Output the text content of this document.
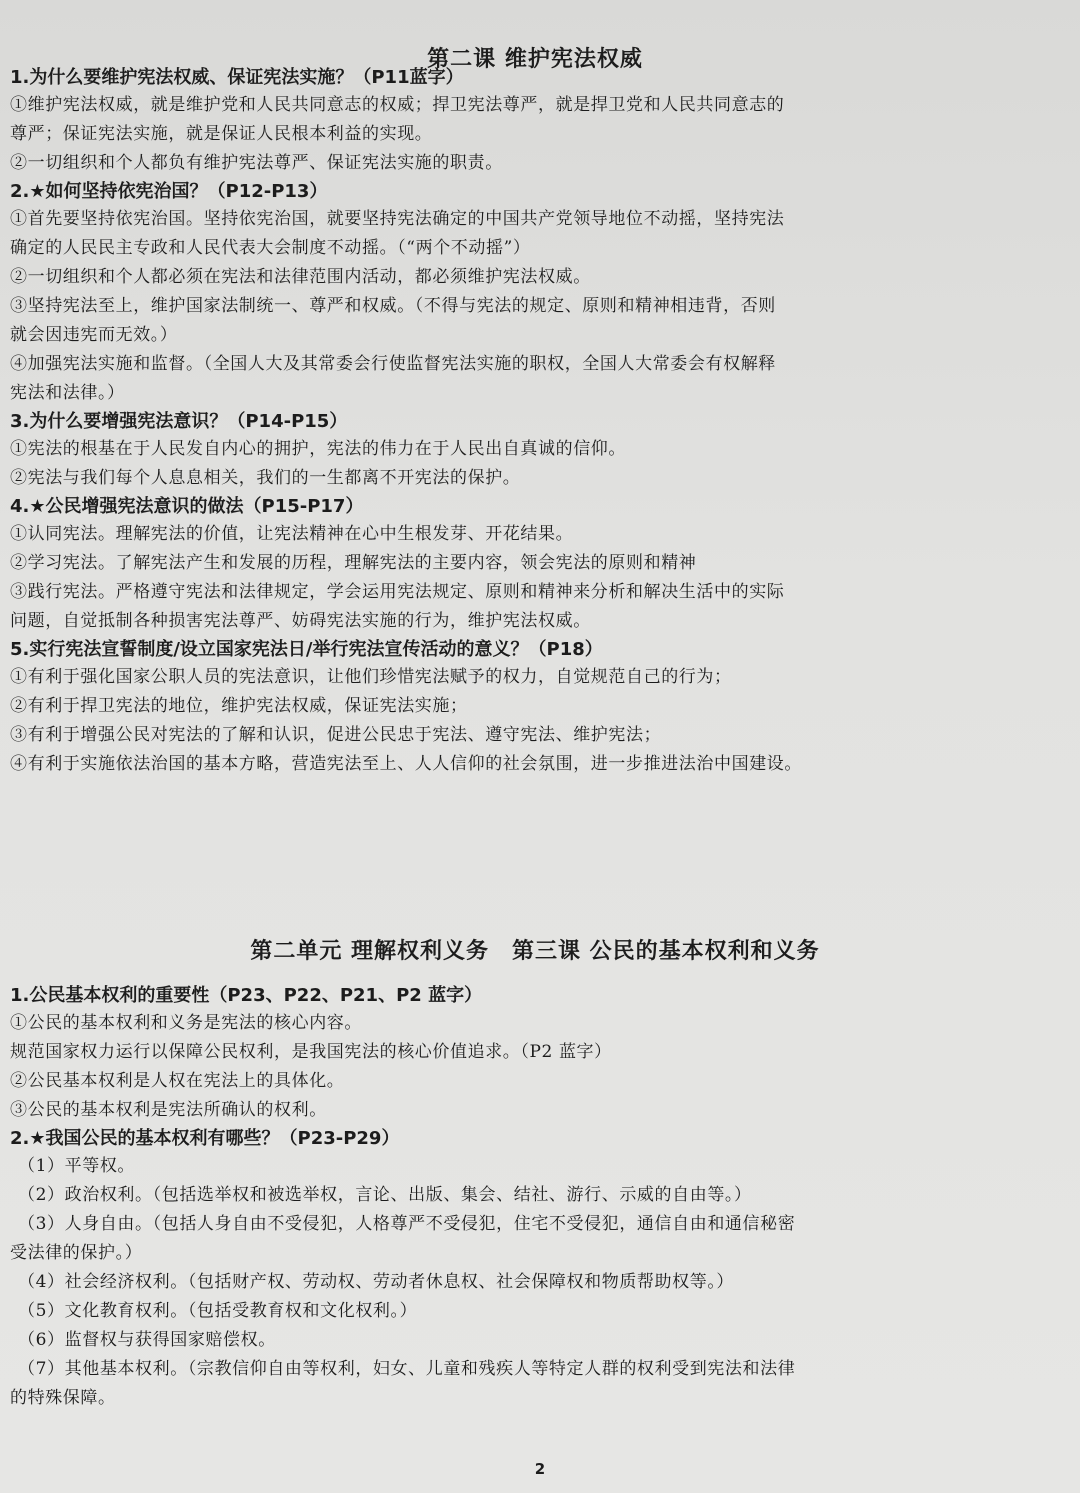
第二课 维护宪法权威

1.为什么要维护宪法权威、保证宪法实施？（P11蓝字）

①维护宪法权威，就是维护党和人民共同意志的权威；捍卫宪法尊严，就是捍卫党和人民共同意志的

尊严；保证宪法实施，就是保证人民根本利益的实现。

②一切组织和个人都负有维护宪法尊严、保证宪法实施的职责。

2.★如何坚持依宪治国？（P12-P13）

①首先要坚持依宪治国。坚持依宪治国，就要坚持宪法确定的中国共产党领导地位不动摇，坚持宪法

确定的人民民主专政和人民代表大会制度不动摇。（“两个不动摇”）

②一切组织和个人都必须在宪法和法律范围内活动，都必须维护宪法权威。

③坚持宪法至上，维护国家法制统一、尊严和权威。（不得与宪法的规定、原则和精神相违背，否则

就会因违宪而无效。）

④加强宪法实施和监督。（全国人大及其常委会行使监督宪法实施的职权，全国人大常委会有权解释

宪法和法律。）

3.为什么要增强宪法意识？（P14-P15）

①宪法的根基在于人民发自内心的拥护，宪法的伟力在于人民出自真诚的信仰。

②宪法与我们每个人息息相关，我们的一生都离不开宪法的保护。

4.★公民增强宪法意识的做法（P15-P17）

①认同宪法。理解宪法的价值，让宪法精神在心中生根发芽、开花结果。

②学习宪法。了解宪法产生和发展的历程，理解宪法的主要内容，领会宪法的原则和精神

③践行宪法。严格遵守宪法和法律规定，学会运用宪法规定、原则和精神来分析和解决生活中的实际

问题，自觉抵制各种损害宪法尊严、妨碍宪法实施的行为，维护宪法权威。

5.实行宪法宣誓制度/设立国家宪法日/举行宪法宣传活动的意义？（P18）

①有利于强化国家公职人员的宪法意识，让他们珍惜宪法赋予的权力，自觉规范自己的行为；

②有利于捍卫宪法的地位，维护宪法权威，保证宪法实施；

③有利于增强公民对宪法的了解和认识，促进公民忠于宪法、遵守宪法、维护宪法；

④有利于实施依法治国的基本方略，营造宪法至上、人人信仰的社会氛围，进一步推进法治中国建设。

第二单元 理解权利义务　第三课 公民的基本权利和义务

1.公民基本权利的重要性（P23、P22、P21、P2 蓝字）

①公民的基本权利和义务是宪法的核心内容。

规范国家权力运行以保障公民权利，是我国宪法的核心价值追求。（P2 蓝字）

②公民基本权利是人权在宪法上的具体化。

③公民的基本权利是宪法所确认的权利。

2.★我国公民的基本权利有哪些？（P23-P29）

（1）平等权。

（2）政治权利。（包括选举权和被选举权，言论、出版、集会、结社、游行、示威的自由等。）

（3）人身自由。（包括人身自由不受侵犯，人格尊严不受侵犯，住宅不受侵犯，通信自由和通信秘密

受法律的保护。）

（4）社会经济权利。（包括财产权、劳动权、劳动者休息权、社会保障权和物质帮助权等。）

（5）文化教育权利。（包括受教育权和文化权利。）

（6）监督权与获得国家赔偿权。

（7）其他基本权利。（宗教信仰自由等权利，妇女、儿童和残疾人等特定人群的权利受到宪法和法律

的特殊保障。

2
